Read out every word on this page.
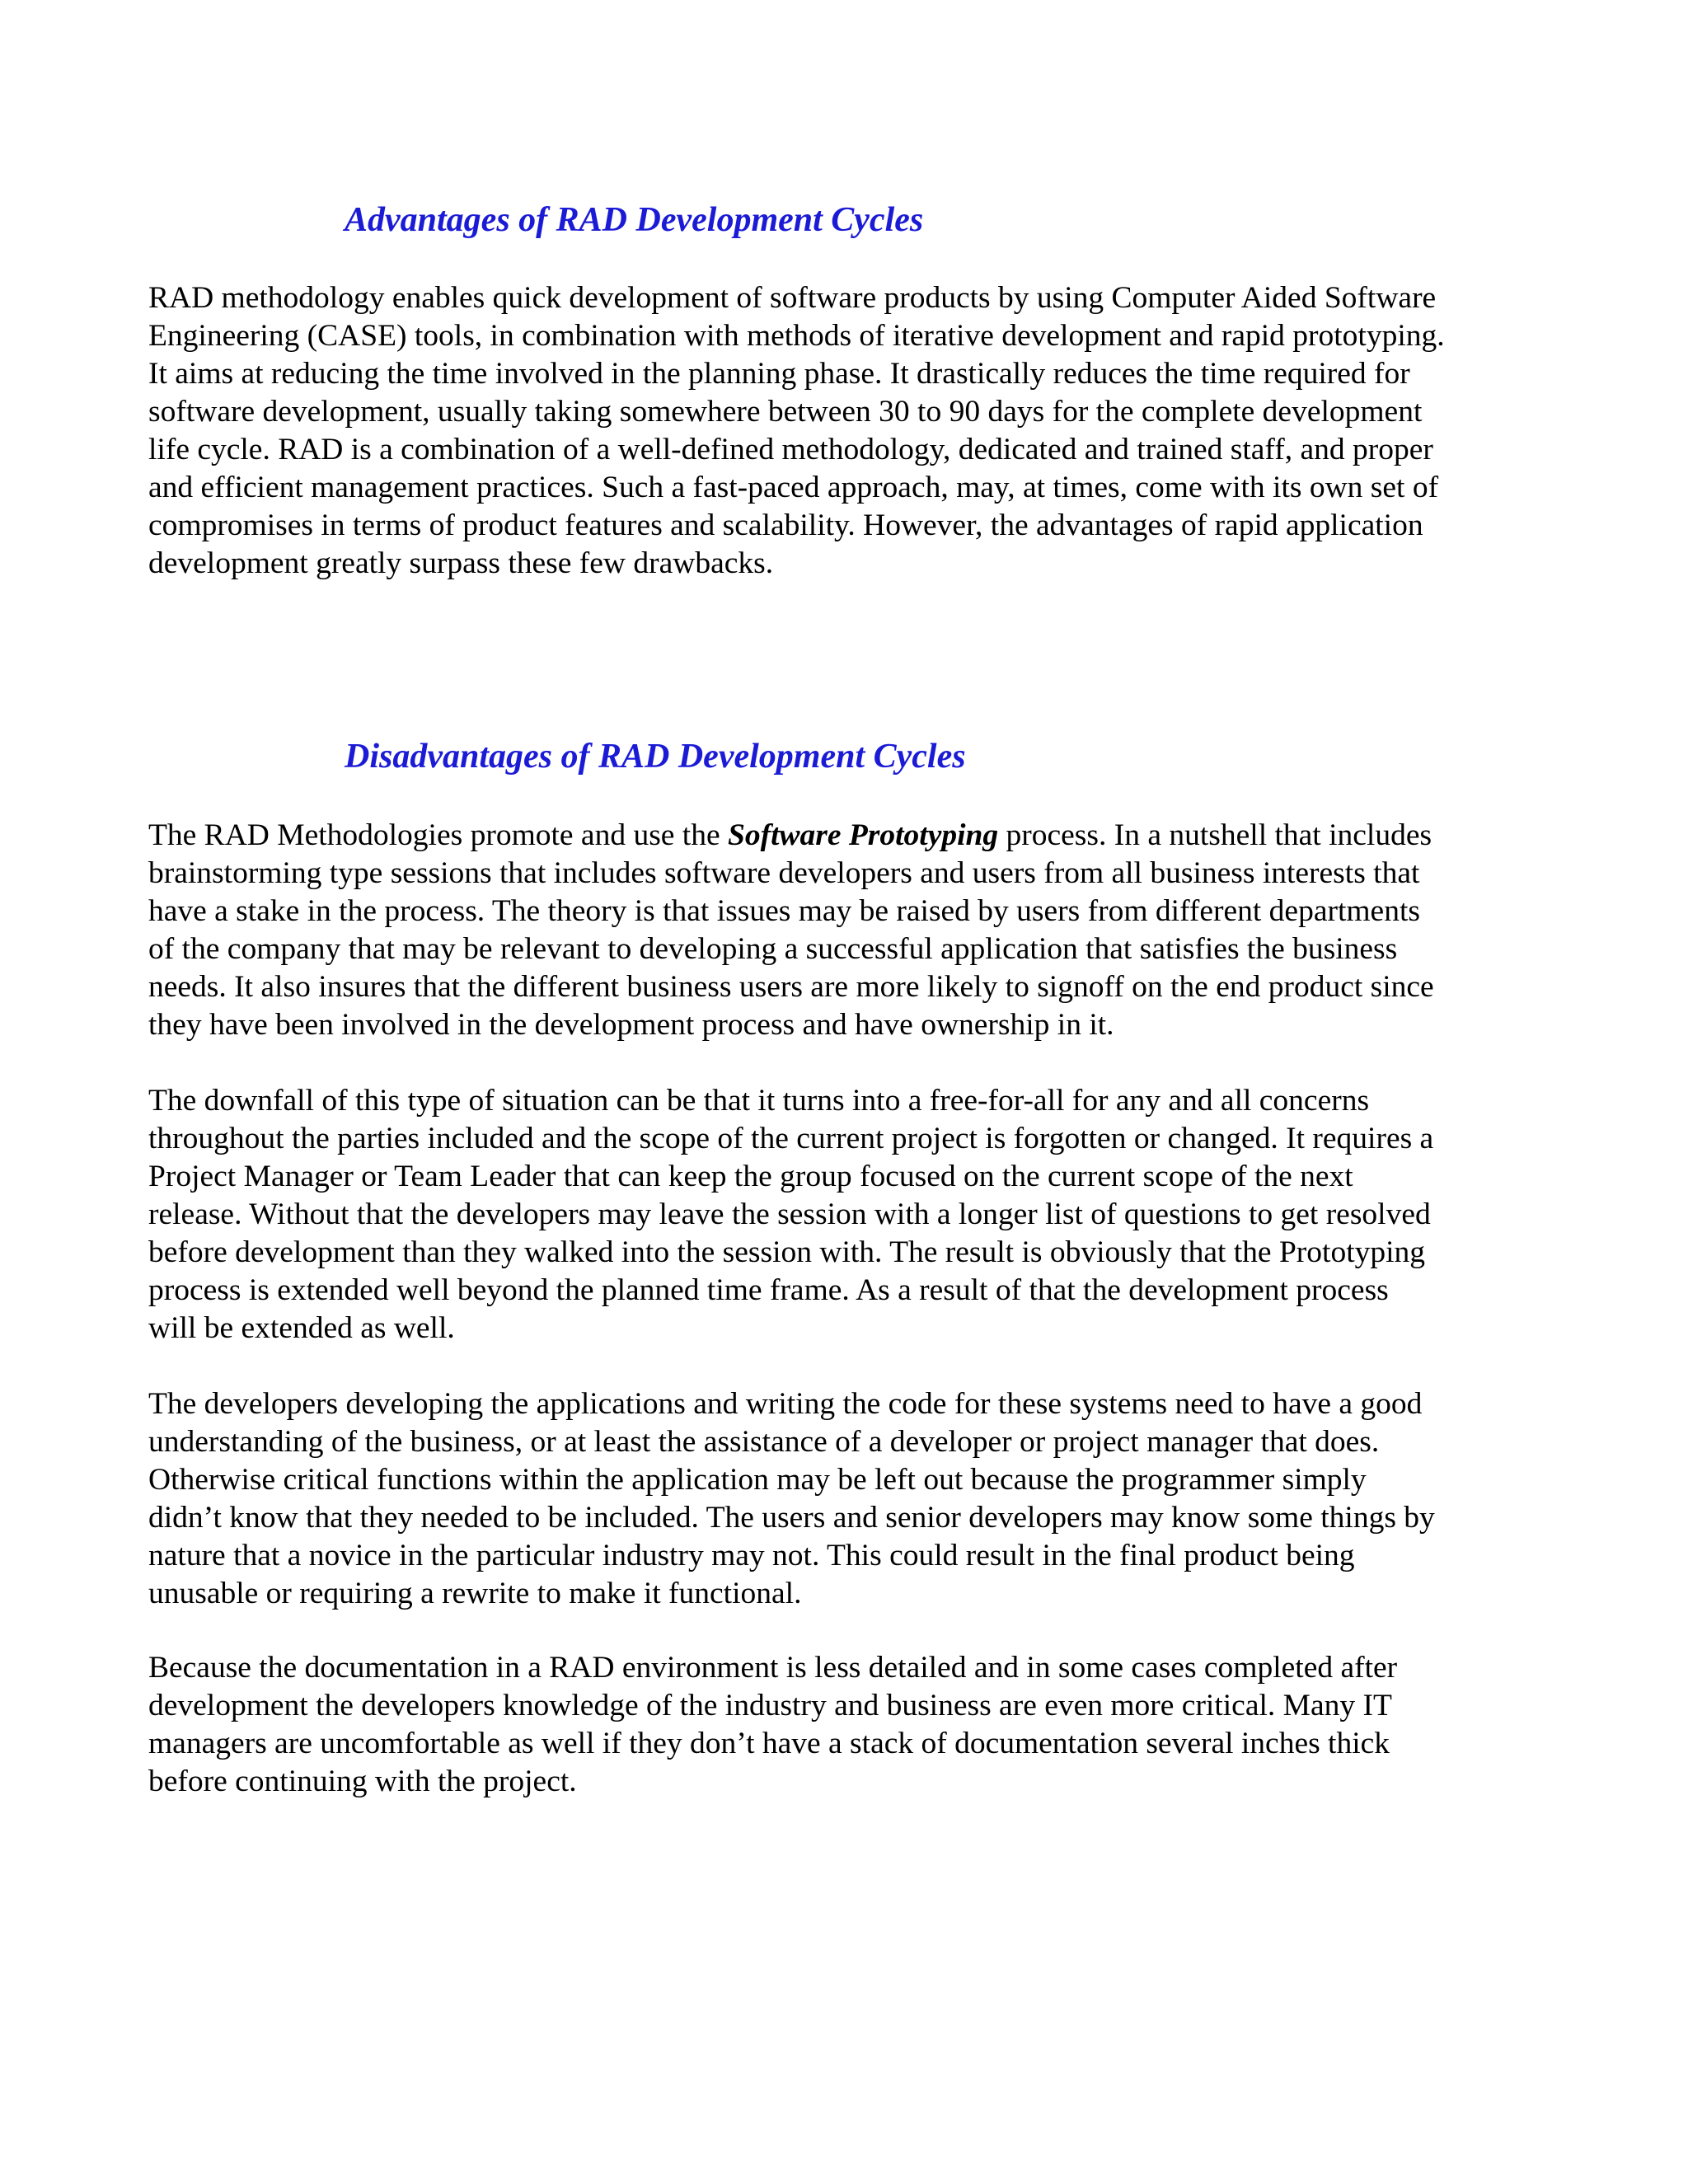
Advantages of RAD Development Cycles

RAD methodology enables quick development of software products by using Computer Aided Software
Engineering (CASE) tools, in combination with methods of iterative development and rapid prototyping.
It aims at reducing the time involved in the planning phase. It drastically reduces the time required for
software development, usually taking somewhere between 30 to 90 days for the complete development
life cycle. RAD is a combination of a well-defined methodology, dedicated and trained staff, and proper
and efficient management practices. Such a fast-paced approach, may, at times, come with its own set of
compromises in terms of product features and scalability. However, the advantages of rapid application
development greatly surpass these few drawbacks.

Disadvantages of RAD Development Cycles

The RAD Methodologies promote and use the Software Prototyping process. In a nutshell that includes
brainstorming type sessions that includes software developers and users from all business interests that
have a stake in the process. The theory is that issues may be raised by users from different departments
of the company that may be relevant to developing a successful application that satisfies the business
needs. It also insures that the different business users are more likely to signoff on the end product since
they have been involved in the development process and have ownership in it.

The downfall of this type of situation can be that it turns into a free-for-all for any and all concerns
throughout the parties included and the scope of the current project is forgotten or changed. It requires a
Project Manager or Team Leader that can keep the group focused on the current scope of the next
release. Without that the developers may leave the session with a longer list of questions to get resolved
before development than they walked into the session with. The result is obviously that the Prototyping
process is extended well beyond the planned time frame. As a result of that the development process
will be extended as well.

The developers developing the applications and writing the code for these systems need to have a good
understanding of the business, or at least the assistance of a developer or project manager that does.
Otherwise critical functions within the application may be left out because the programmer simply
didn’t know that they needed to be included. The users and senior developers may know some things by
nature that a novice in the particular industry may not. This could result in the final product being
unusable or requiring a rewrite to make it functional.

Because the documentation in a RAD environment is less detailed and in some cases completed after
development the developers knowledge of the industry and business are even more critical. Many IT
managers are uncomfortable as well if they don’t have a stack of documentation several inches thick
before continuing with the project.
